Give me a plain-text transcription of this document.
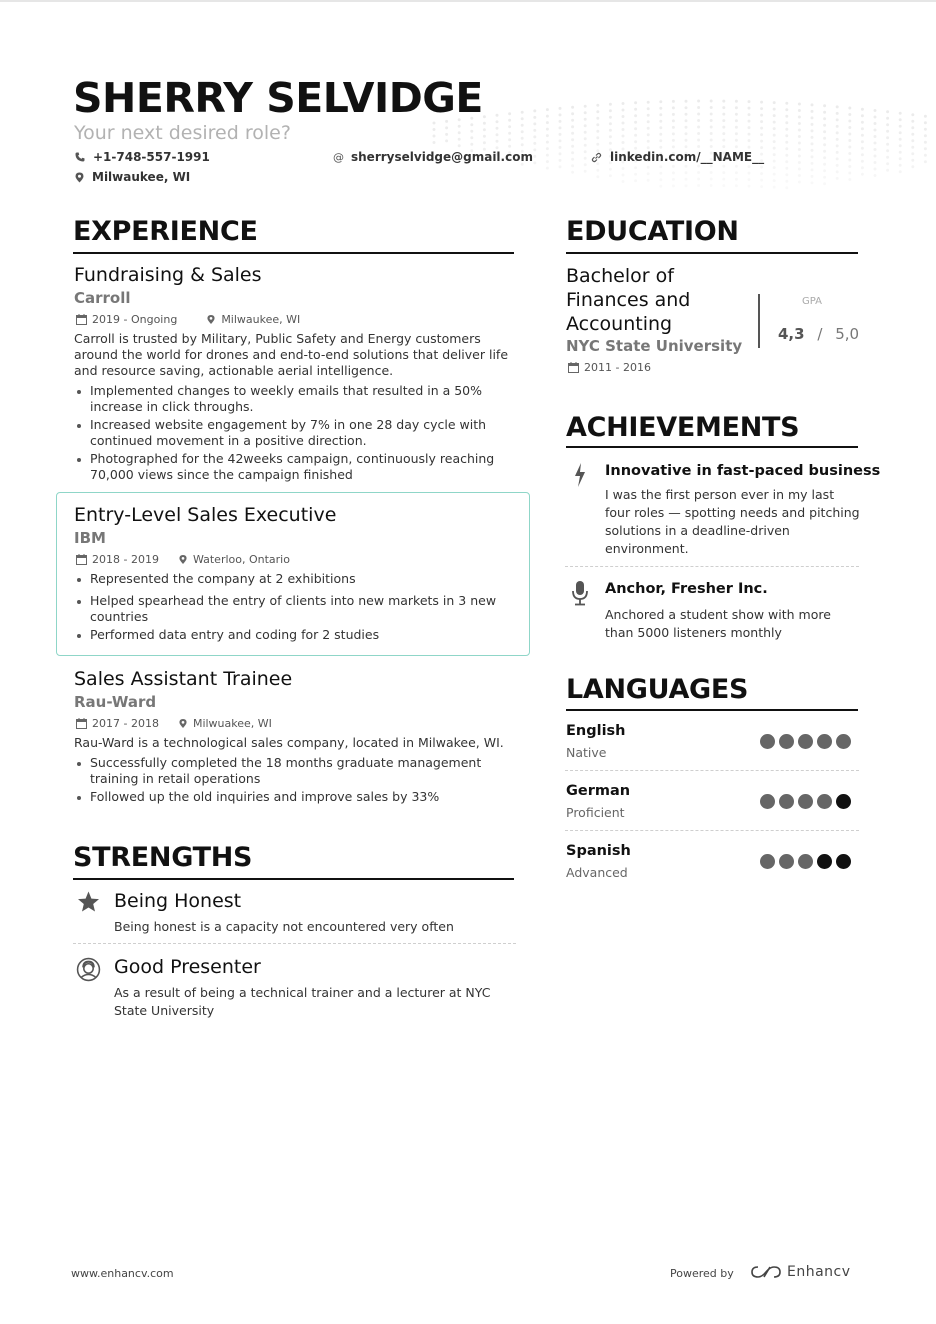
SHERRY SELVIDGE
Your next desired role?
+1-748-557-1991	@ sherryselvidge@gmail.com	linkedin.com/__NAME__
Milwaukee, WI
EXPERIENCE
Fundraising & Sales
Carroll
2019 - Ongoing	Milwaukee, WI
Carroll is trusted by Military, Public Safety and Energy customers around the world for drones and end-to-end solutions that deliver life and resource saving, actionable aerial intelligence.
Implemented changes to weekly emails that resulted in a 50% increase in click throughs.
Increased website engagement by 7% in one 28 day cycle with continued movement in a positive direction.
Photographed for the 42weeks campaign, continuously reaching 70,000 views since the campaign finished
Entry-Level Sales Executive
IBM
2018 - 2019	Waterloo, Ontario
Represented the company at 2 exhibitions
Helped spearhead the entry of clients into new markets in 3 new countries
Performed data entry and coding for 2 studies
Sales Assistant Trainee
Rau-Ward
2017 - 2018	Milwuakee, WI
Rau-Ward is a technological sales company, located in Milwakee, WI.
Successfully completed the 18 months graduate management training in retail operations
Followed up the old inquiries and improve sales by 33%
STRENGTHS
Being Honest
Being honest is a capacity not encountered very often
Good Presenter
As a result of being a technical trainer and a lecturer at NYC State University
EDUCATION
Bachelor of Finances and Accounting
NYC State University
2011 - 2016
GPA
4,3 / 5,0
ACHIEVEMENTS
Innovative in fast-paced business
I was the first person ever in my last four roles — spotting needs and pitching solutions in a deadline-driven environment.
Anchor, Fresher Inc.
Anchored a student show with more than 5000 listeners monthly
LANGUAGES
English
Native
German
Proficient
Spanish
Advanced
www.enhancv.com	Powered by	Enhancv
